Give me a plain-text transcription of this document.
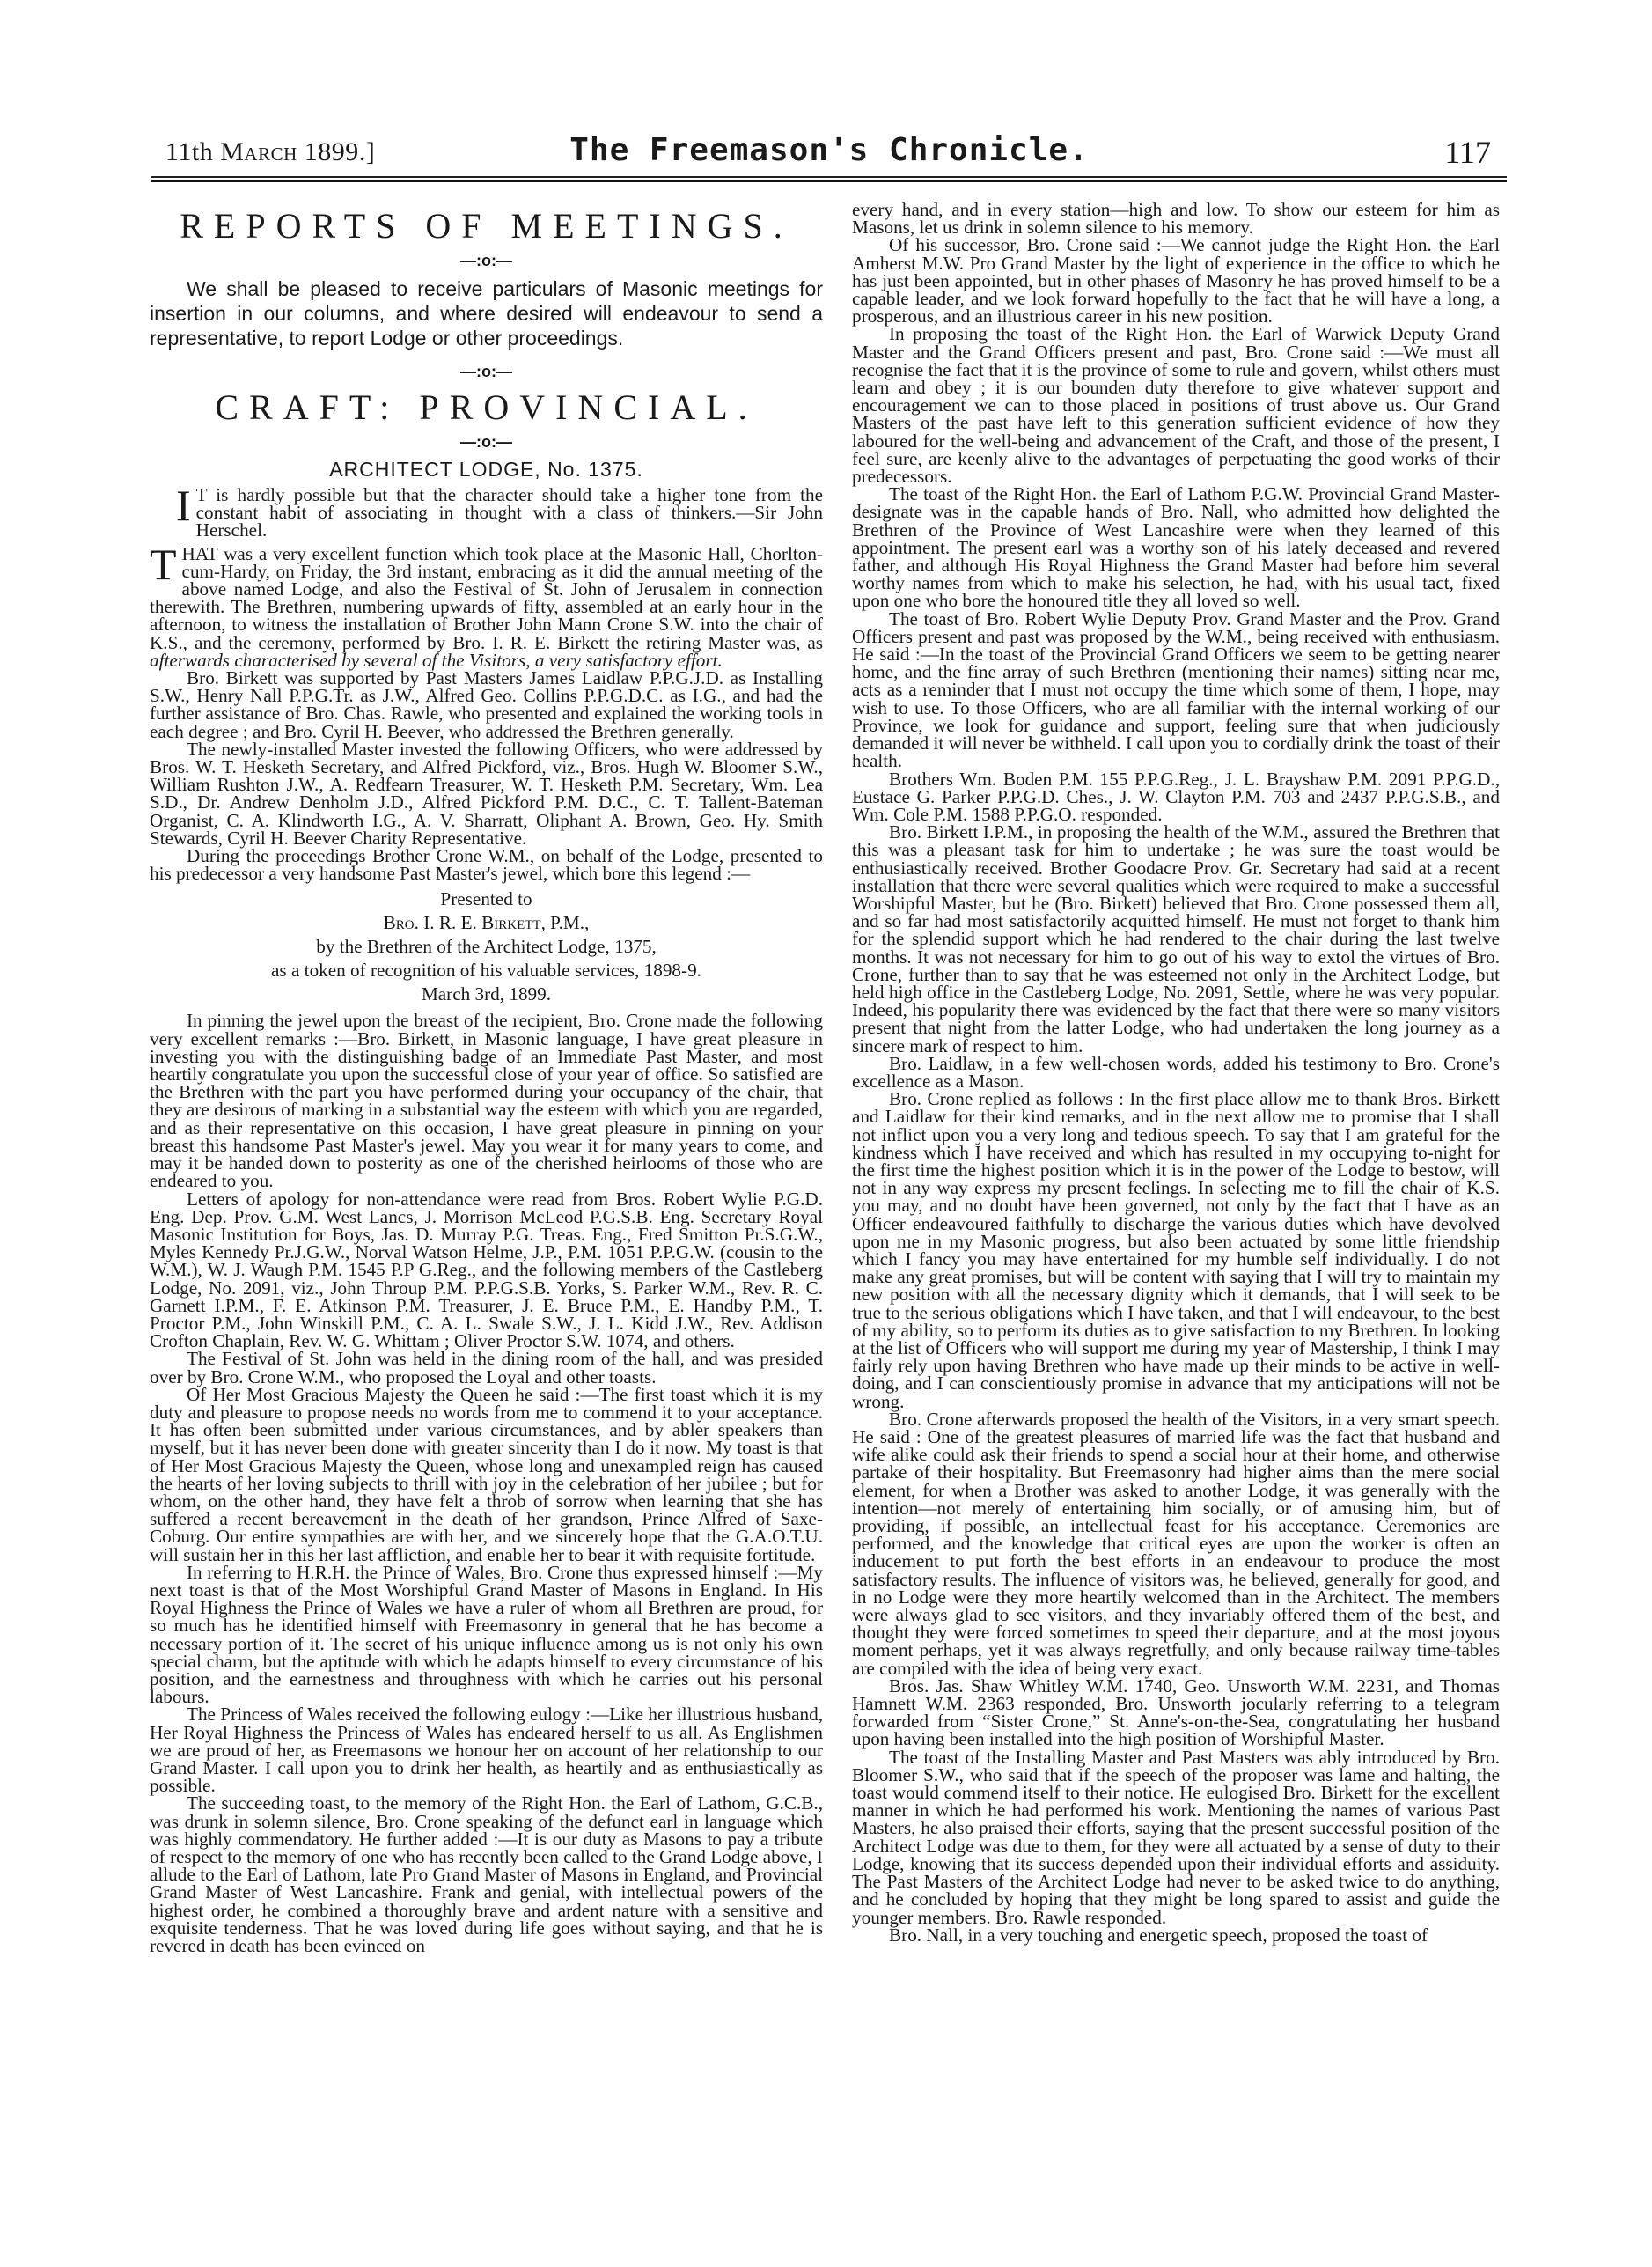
11th March 1899.]	The Freemason's Chronicle.	117
REPORTS OF MEETINGS.
—:o:—

We shall be pleased to receive particulars of Masonic meetings for insertion in our columns, and where desired will endeavour to send a representative, to report Lodge or other proceedings.

—:o:—
CRAFT: PROVINCIAL.
—:o:—
ARCHITECT LODGE, No. 1375.

I T is hardly possible but that the character should take a higher tone from the constant habit of associating in thought with a class of thinkers.—Sir John Herschel.

THAT was a very excellent function which took place at the Masonic Hall, Chorlton-cum-Hardy, on Friday, the 3rd instant, embracing as it did the annual meeting of the above named Lodge, and also the Festival of St. John of Jerusalem in connection therewith. The Brethren, numbering upwards of fifty, assembled at an early hour in the afternoon, to witness the installation of Brother John Mann Crone S.W. into the chair of K.S., and the ceremony, performed by Bro. I. R. E. Birkett the retiring Master was, as afterwards characterised by several of the Visitors, a very satisfactory effort.

Bro. Birkett was supported by Past Masters James Laidlaw P.P.G.J.D. as Installing S.W., Henry Nall P.P.G.Tr. as J.W., Alfred Geo. Collins P.P.G.D.C. as I.G., and had the further assistance of Bro. Chas. Rawle, who presented and explained the working tools in each degree ; and Bro. Cyril H. Beever, who addressed the Brethren generally.

The newly-installed Master invested the following Officers, who were addressed by Bros. W. T. Hesketh Secretary, and Alfred Pickford, viz., Bros. Hugh W. Bloomer S.W., William Rushton J.W., A. Redfearn Treasurer, W. T. Hesketh P.M. Secretary, Wm. Lea S.D., Dr. Andrew Denholm J.D., Alfred Pickford P.M. D.C., C. T. Tallent-Bateman Organist, C. A. Klindworth I.G., A. V. Sharratt, Oliphant A. Brown, Geo. Hy. Smith Stewards, Cyril H. Beever Charity Representative.

During the proceedings Brother Crone W.M., on behalf of the Lodge, presented to his predecessor a very handsome Past Master's jewel, which bore this legend :—

Presented to

Bro. I. R. E. Birkett, P.M.,

by the Brethren of the Architect Lodge, 1375,

as a token of recognition of his valuable services, 1898-9.

March 3rd, 1899.

In pinning the jewel upon the breast of the recipient, Bro. Crone made the following very excellent remarks :—Bro. Birkett, in Masonic language, I have great pleasure in investing you with the distinguishing badge of an Immediate Past Master, and most heartily congratulate you upon the successful close of your year of office. So satisfied are the Brethren with the part you have performed during your occupancy of the chair, that they are desirous of marking in a substantial way the esteem with which you are regarded, and as their representative on this occasion, I have great pleasure in pinning on your breast this handsome Past Master's jewel. May you wear it for many years to come, and may it be handed down to posterity as one of the cherished heirlooms of those who are endeared to you.

Letters of apology for non-attendance were read from Bros. Robert Wylie P.G.D. Eng. Dep. Prov. G.M. West Lancs, J. Morrison McLeod P.G.S.B. Eng. Secretary Royal Masonic Institution for Boys, Jas. D. Murray P.G. Treas. Eng., Fred Smitton Pr.S.G.W., Myles Kennedy Pr.J.G.W., Norval Watson Helme, J.P., P.M. 1051 P.P.G.W. (cousin to the W.M.), W. J. Waugh P.M. 1545 P.P G.Reg., and the following members of the Castleberg Lodge, No. 2091, viz., John Throup P.M. P.P.G.S.B. Yorks, S. Parker W.M., Rev. R. C. Garnett I.P.M., F. E. Atkinson P.M. Treasurer, J. E. Bruce P.M., E. Handby P.M., T. Proctor P.M., John Winskill P.M., C. A. L. Swale S.W., J. L. Kidd J.W., Rev. Addison Crofton Chaplain, Rev. W. G. Whittam ; Oliver Proctor S.W. 1074, and others.

The Festival of St. John was held in the dining room of the hall, and was presided over by Bro. Crone W.M., who proposed the Loyal and other toasts.

Of Her Most Gracious Majesty the Queen he said :—The first toast which it is my duty and pleasure to propose needs no words from me to commend it to your acceptance. It has often been submitted under various circumstances, and by abler speakers than myself, but it has never been done with greater sincerity than I do it now. My toast is that of Her Most Gracious Majesty the Queen, whose long and unexampled reign has caused the hearts of her loving subjects to thrill with joy in the celebration of her jubilee ; but for whom, on the other hand, they have felt a throb of sorrow when learning that she has suffered a recent bereavement in the death of her grandson, Prince Alfred of Saxe-Coburg. Our entire sympathies are with her, and we sincerely hope that the G.A.O.T.U. will sustain her in this her last affliction, and enable her to bear it with requisite fortitude.

In referring to H.R.H. the Prince of Wales, Bro. Crone thus expressed himself :—My next toast is that of the Most Worshipful Grand Master of Masons in England. In His Royal Highness the Prince of Wales we have a ruler of whom all Brethren are proud, for so much has he identified himself with Freemasonry in general that he has become a necessary portion of it. The secret of his unique influence among us is not only his own special charm, but the aptitude with which he adapts himself to every circumstance of his position, and the earnestness and throughness with which he carries out his personal labours.

The Princess of Wales received the following eulogy :—Like her illustrious husband, Her Royal Highness the Princess of Wales has endeared herself to us all. As Englishmen we are proud of her, as Freemasons we honour her on account of her relationship to our Grand Master. I call upon you to drink her health, as heartily and as enthusiastically as possible.

The succeeding toast, to the memory of the Right Hon. the Earl of Lathom, G.C.B., was drunk in solemn silence, Bro. Crone speaking of the defunct earl in language which was highly commendatory. He further added :—It is our duty as Masons to pay a tribute of respect to the memory of one who has recently been called to the Grand Lodge above, I allude to the Earl of Lathom, late Pro Grand Master of Masons in England, and Provincial Grand Master of West Lancashire. Frank and genial, with intellectual powers of the highest order, he combined a thoroughly brave and ardent nature with a sensitive and exquisite tenderness. That he was loved during life goes without saying, and that he is revered in death has been evinced on

every hand, and in every station—high and low. To show our esteem for him as Masons, let us drink in solemn silence to his memory.

Of his successor, Bro. Crone said :—We cannot judge the Right Hon. the Earl Amherst M.W. Pro Grand Master by the light of experience in the office to which he has just been appointed, but in other phases of Masonry he has proved himself to be a capable leader, and we look forward hopefully to the fact that he will have a long, a prosperous, and an illustrious career in his new position.

In proposing the toast of the Right Hon. the Earl of Warwick Deputy Grand Master and the Grand Officers present and past, Bro. Crone said :—We must all recognise the fact that it is the province of some to rule and govern, whilst others must learn and obey ; it is our bounden duty therefore to give whatever support and encouragement we can to those placed in positions of trust above us. Our Grand Masters of the past have left to this generation sufficient evidence of how they laboured for the well-being and advancement of the Craft, and those of the present, I feel sure, are keenly alive to the advantages of perpetuating the good works of their predecessors.

The toast of the Right Hon. the Earl of Lathom P.G.W. Provincial Grand Master-designate was in the capable hands of Bro. Nall, who admitted how delighted the Brethren of the Province of West Lancashire were when they learned of this appointment. The present earl was a worthy son of his lately deceased and revered father, and although His Royal Highness the Grand Master had before him several worthy names from which to make his selection, he had, with his usual tact, fixed upon one who bore the honoured title they all loved so well.

The toast of Bro. Robert Wylie Deputy Prov. Grand Master and the Prov. Grand Officers present and past was proposed by the W.M., being received with enthusiasm. He said :—In the toast of the Provincial Grand Officers we seem to be getting nearer home, and the fine array of such Brethren (mentioning their names) sitting near me, acts as a reminder that I must not occupy the time which some of them, I hope, may wish to use. To those Officers, who are all familiar with the internal working of our Province, we look for guidance and support, feeling sure that when judiciously demanded it will never be withheld. I call upon you to cordially drink the toast of their health.

Brothers Wm. Boden P.M. 155 P.P.G.Reg., J. L. Brayshaw P.M. 2091 P.P.G.D., Eustace G. Parker P.P.G.D. Ches., J. W. Clayton P.M. 703 and 2437 P.P.G.S.B., and Wm. Cole P.M. 1588 P.P.G.O. responded.

Bro. Birkett I.P.M., in proposing the health of the W.M., assured the Brethren that this was a pleasant task for him to undertake ; he was sure the toast would be enthusiastically received. Brother Goodacre Prov. Gr. Secretary had said at a recent installation that there were several qualities which were required to make a successful Worshipful Master, but he (Bro. Birkett) believed that Bro. Crone possessed them all, and so far had most satisfactorily acquitted himself. He must not forget to thank him for the splendid support which he had rendered to the chair during the last twelve months. It was not necessary for him to go out of his way to extol the virtues of Bro. Crone, further than to say that he was esteemed not only in the Architect Lodge, but held high office in the Castleberg Lodge, No. 2091, Settle, where he was very popular. Indeed, his popularity there was evidenced by the fact that there were so many visitors present that night from the latter Lodge, who had undertaken the long journey as a sincere mark of respect to him.

Bro. Laidlaw, in a few well-chosen words, added his testimony to Bro. Crone's excellence as a Mason.

Bro. Crone replied as follows : In the first place allow me to thank Bros. Birkett and Laidlaw for their kind remarks, and in the next allow me to promise that I shall not inflict upon you a very long and tedious speech. To say that I am grateful for the kindness which I have received and which has resulted in my occupying to-night for the first time the highest position which it is in the power of the Lodge to bestow, will not in any way express my present feelings. In selecting me to fill the chair of K.S. you may, and no doubt have been governed, not only by the fact that I have as an Officer endeavoured faithfully to discharge the various duties which have devolved upon me in my Masonic progress, but also been actuated by some little friendship which I fancy you may have entertained for my humble self individually. I do not make any great promises, but will be content with saying that I will try to maintain my new position with all the necessary dignity which it demands, that I will seek to be true to the serious obligations which I have taken, and that I will endeavour, to the best of my ability, so to perform its duties as to give satisfaction to my Brethren. In looking at the list of Officers who will support me during my year of Mastership, I think I may fairly rely upon having Brethren who have made up their minds to be active in well-doing, and I can conscientiously promise in advance that my anticipations will not be wrong.

Bro. Crone afterwards proposed the health of the Visitors, in a very smart speech. He said : One of the greatest pleasures of married life was the fact that husband and wife alike could ask their friends to spend a social hour at their home, and otherwise partake of their hospitality. But Freemasonry had higher aims than the mere social element, for when a Brother was asked to another Lodge, it was generally with the intention—not merely of entertaining him socially, or of amusing him, but of providing, if possible, an intellectual feast for his acceptance. Ceremonies are performed, and the knowledge that critical eyes are upon the worker is often an inducement to put forth the best efforts in an endeavour to produce the most satisfactory results. The influence of visitors was, he believed, generally for good, and in no Lodge were they more heartily welcomed than in the Architect. The members were always glad to see visitors, and they invariably offered them of the best, and thought they were forced sometimes to speed their departure, and at the most joyous moment perhaps, yet it was always regretfully, and only because railway time-tables are compiled with the idea of being very exact.

Bros. Jas. Shaw Whitley W.M. 1740, Geo. Unsworth W.M. 2231, and Thomas Hamnett W.M. 2363 responded, Bro. Unsworth jocularly referring to a telegram forwarded from “Sister Crone,” St. Anne's-on-the-Sea, congratulating her husband upon having been installed into the high position of Worshipful Master.

The toast of the Installing Master and Past Masters was ably introduced by Bro. Bloomer S.W., who said that if the speech of the proposer was lame and halting, the toast would commend itself to their notice. He eulogised Bro. Birkett for the excellent manner in which he had performed his work. Mentioning the names of various Past Masters, he also praised their efforts, saying that the present successful position of the Architect Lodge was due to them, for they were all actuated by a sense of duty to their Lodge, knowing that its success depended upon their individual efforts and assiduity. The Past Masters of the Architect Lodge had never to be asked twice to do anything, and he concluded by hoping that they might be long spared to assist and guide the younger members. Bro. Rawle responded.

Bro. Nall, in a very touching and energetic speech, proposed the toast of
